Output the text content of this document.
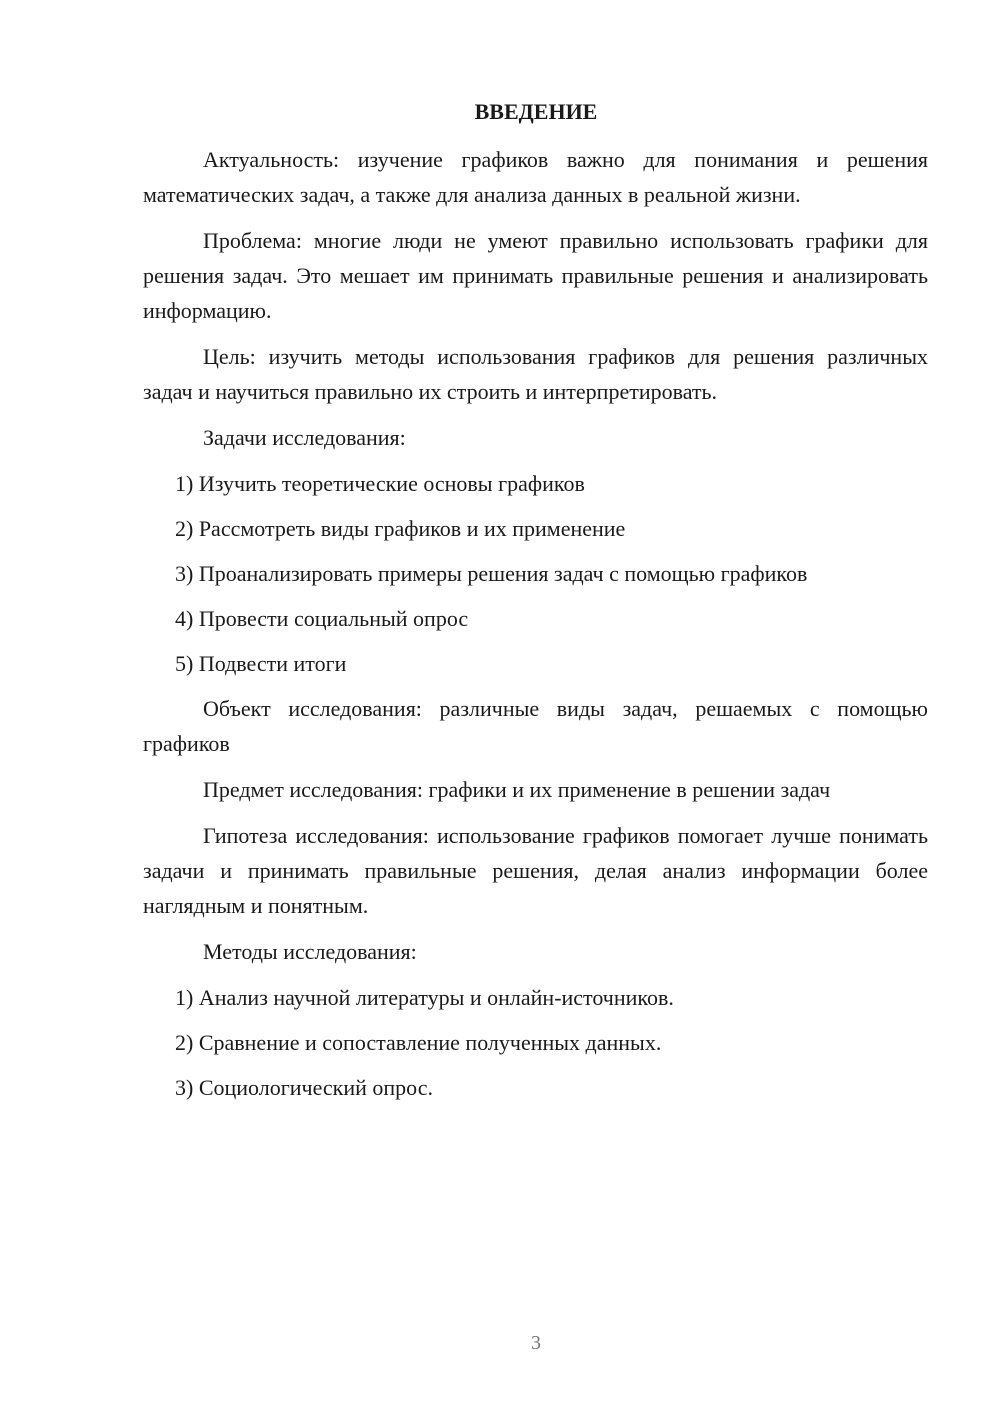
ВВЕДЕНИЕ

Актуальность: изучение графиков важно для понимания и решения математических задач, а также для анализа данных в реальной жизни.

Проблема: многие люди не умеют правильно использовать графики для решения задач. Это мешает им принимать правильные решения и анализировать информацию.

Цель: изучить методы использования графиков для решения различных задач и научиться правильно их строить и интерпретировать.

Задачи исследования:

1) Изучить теоретические основы графиков
2) Рассмотреть виды графиков и их применение
3) Проанализировать примеры решения задач с помощью графиков
4) Провести социальный опрос
5) Подвести итоги

Объект исследования: различные виды задач, решаемых с помощью графиков

Предмет исследования: графики и их применение в решении задач

Гипотеза исследования: использование графиков помогает лучше понимать задачи и принимать правильные решения, делая анализ информации более наглядным и понятным.

Методы исследования:

1) Анализ научной литературы и онлайн-источников.
2) Сравнение и сопоставление полученных данных.
3) Социологический опрос.
3
